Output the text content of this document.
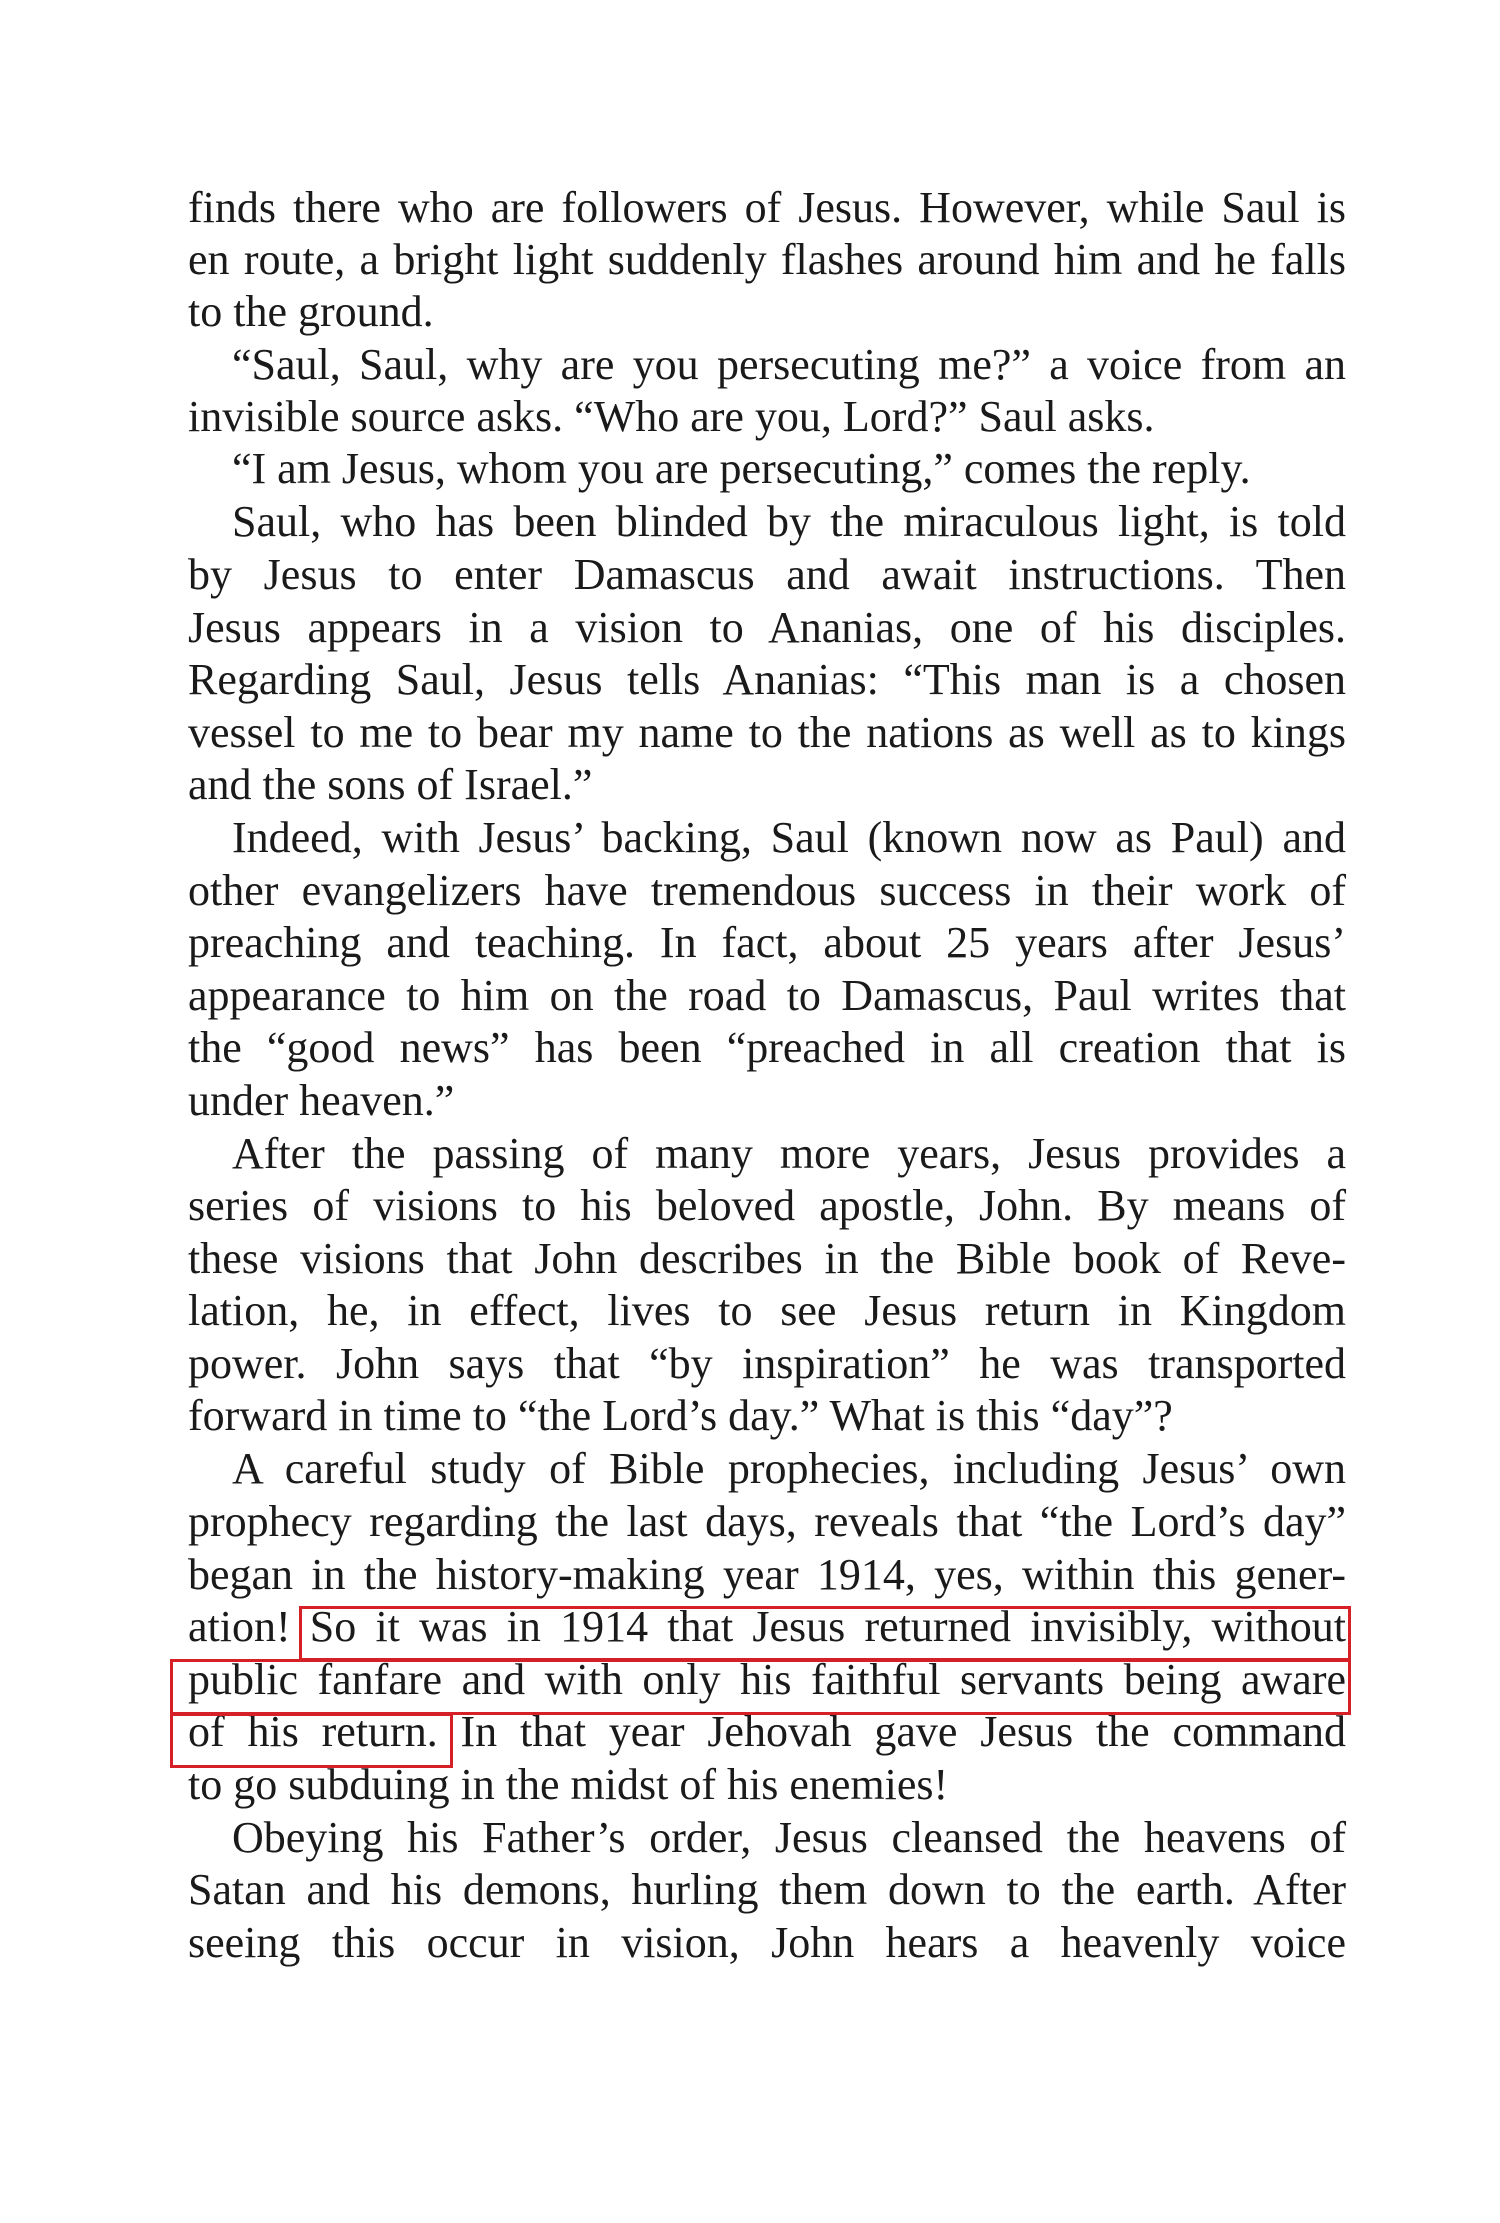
finds there who are followers of Jesus. However, while Saul is
en route, a bright light suddenly flashes around him and he falls
to the ground.
“Saul, Saul, why are you persecuting me?” a voice from an
invisible source asks. “Who are you, Lord?” Saul asks.
“I am Jesus, whom you are persecuting,” comes the reply.
Saul, who has been blinded by the miraculous light, is told
by Jesus to enter Damascus and await instructions. Then
Jesus appears in a vision to Ananias, one of his disciples.
Regarding Saul, Jesus tells Ananias: “This man is a chosen
vessel to me to bear my name to the nations as well as to kings
and the sons of Israel.”
Indeed, with Jesus’ backing, Saul (known now as Paul) and
other evangelizers have tremendous success in their work of
preaching and teaching. In fact, about 25 years after Jesus’
appearance to him on the road to Damascus, Paul writes that
the “good news” has been “preached in all creation that is
under heaven.”
After the passing of many more years, Jesus provides a
series of visions to his beloved apostle, John. By means of
these visions that John describes in the Bible book of Reve-
lation, he, in effect, lives to see Jesus return in Kingdom
power. John says that “by inspiration” he was transported
forward in time to “the Lord’s day.” What is this “day”?
A careful study of Bible prophecies, including Jesus’ own
prophecy regarding the last days, reveals that “the Lord’s day”
began in the history-making year 1914, yes, within this gener-
ation! So it was in 1914 that Jesus returned invisibly, without
public fanfare and with only his faithful servants being aware
of his return. In that year Jehovah gave Jesus the command
to go subduing in the midst of his enemies!
Obeying his Father’s order, Jesus cleansed the heavens of
Satan and his demons, hurling them down to the earth. After
seeing this occur in vision, John hears a heavenly voice
